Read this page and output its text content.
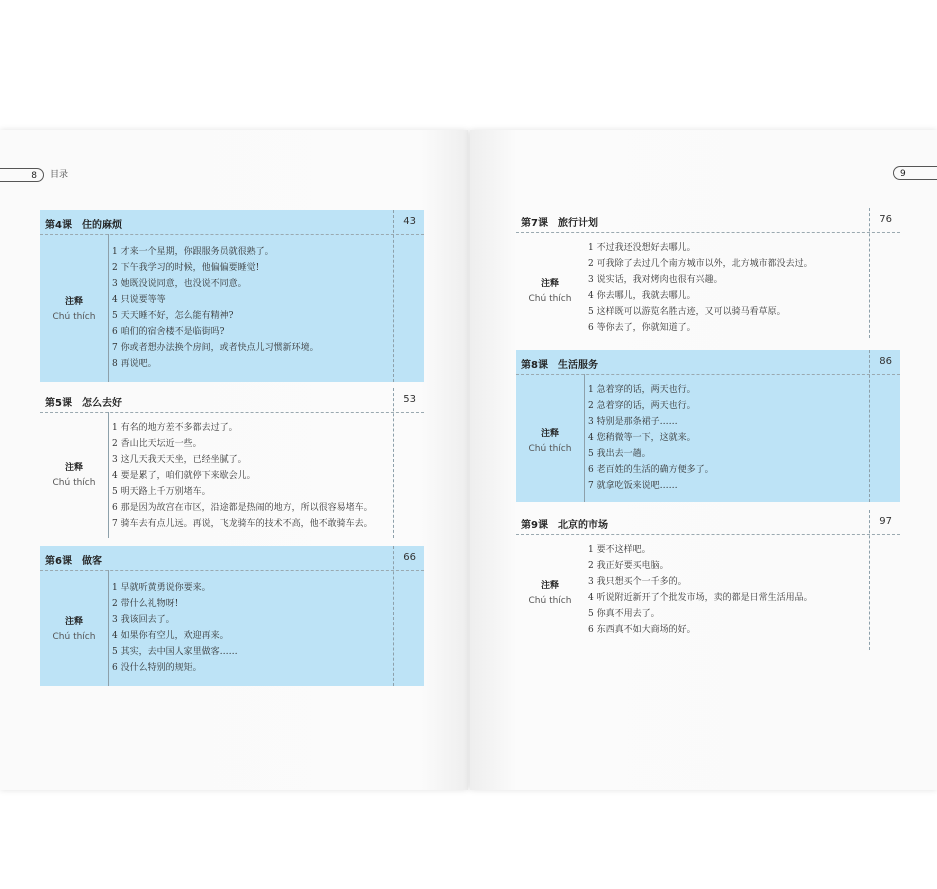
8	目录
第4课　住的麻烦	43
注释
Chú thích
1 才来一个星期，你跟服务员就很熟了。
2 下午我学习的时候，他偏偏要睡觉!
3 她既没说同意，也没说不同意。
4 只说要等等
5 天天睡不好，怎么能有精神?
6 咱们的宿舍楼不是临街吗?
7 你或者想办法换个房间，或者快点儿习惯新环境。
8 再说吧。
第5课　怎么去好	53
注释
Chú thích
1 有名的地方差不多都去过了。
2 香山比天坛近一些。
3 这几天我天天坐，已经坐腻了。
4 要是累了，咱们就停下来歇会儿。
5 明天路上千万别堵车。
6 那是因为故宫在市区，沿途都是热闹的地方，所以很容易堵车。
7 骑车去有点儿远。再说，飞龙骑车的技术不高，他不敢骑车去。
第6课　做客	66
注释
Chú thích
1 早就听黄勇说你要来。
2 带什么礼物呀!
3 我该回去了。
4 如果你有空儿，欢迎再来。
5 其实，去中国人家里做客……
6 没什么特别的规矩。
9
第7课　旅行计划	76
注释
Chú thích
1 不过我还没想好去哪儿。
2 可我除了去过几个南方城市以外，北方城市都没去过。
3 说实话，我对烤肉也很有兴趣。
4 你去哪儿，我就去哪儿。
5 这样既可以游览名胜古迹，又可以骑马看草原。
6 等你去了，你就知道了。
第8课　生活服务	86
注释
Chú thích
1 急着穿的话，两天也行。
2 急着穿的话，两天也行。
3 特别是那条裙子……
4 您稍微等一下，这就来。
5 我出去一趟。
6 老百姓的生活的确方便多了。
7 就拿吃饭来说吧……
第9课　北京的市场	97
注释
Chú thích
1 要不这样吧。
2 我正好要买电脑。
3 我只想买个一千多的。
4 听说附近新开了个批发市场，卖的都是日常生活用品。
5 你真不用去了。
6 东西真不如大商场的好。
